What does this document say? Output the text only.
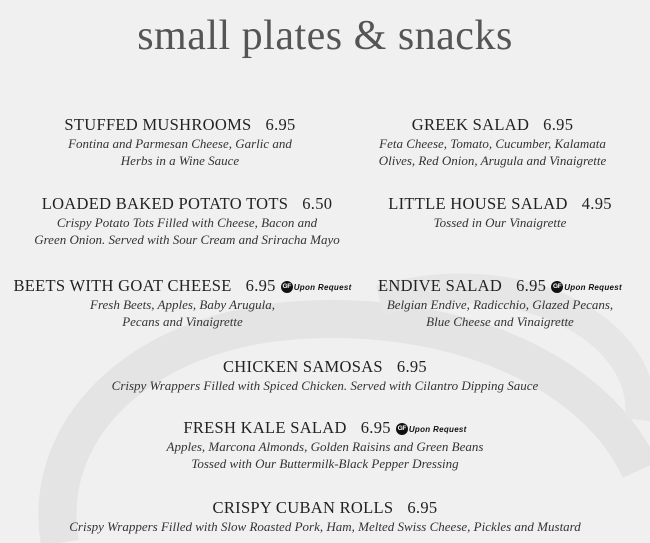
small plates & snacks
STUFFED MUSHROOMS 6.95
Fontina and Parmesan Cheese, Garlic and
Herbs in a Wine Sauce
GREEK SALAD 6.95
Feta Cheese, Tomato, Cucumber, Kalamata
Olives, Red Onion, Arugula and Vinaigrette
LOADED BAKED POTATO TOTS 6.50
Crispy Potato Tots Filled with Cheese, Bacon and
Green Onion. Served with Sour Cream and Sriracha Mayo
LITTLE HOUSE SALAD 4.95
Tossed in Our Vinaigrette
BEETS WITH GOAT CHEESE 6.95 GF Upon Request
Fresh Beets, Apples, Baby Arugula,
Pecans and Vinaigrette
ENDIVE SALAD 6.95 GF Upon Request
Belgian Endive, Radicchio, Glazed Pecans,
Blue Cheese and Vinaigrette
CHICKEN SAMOSAS 6.95
Crispy Wrappers Filled with Spiced Chicken. Served with Cilantro Dipping Sauce
FRESH KALE SALAD 6.95 GF Upon Request
Apples, Marcona Almonds, Golden Raisins and Green Beans
Tossed with Our Buttermilk-Black Pepper Dressing
CRISPY CUBAN ROLLS 6.95
Crispy Wrappers Filled with Slow Roasted Pork, Ham, Melted Swiss Cheese, Pickles and Mustard
